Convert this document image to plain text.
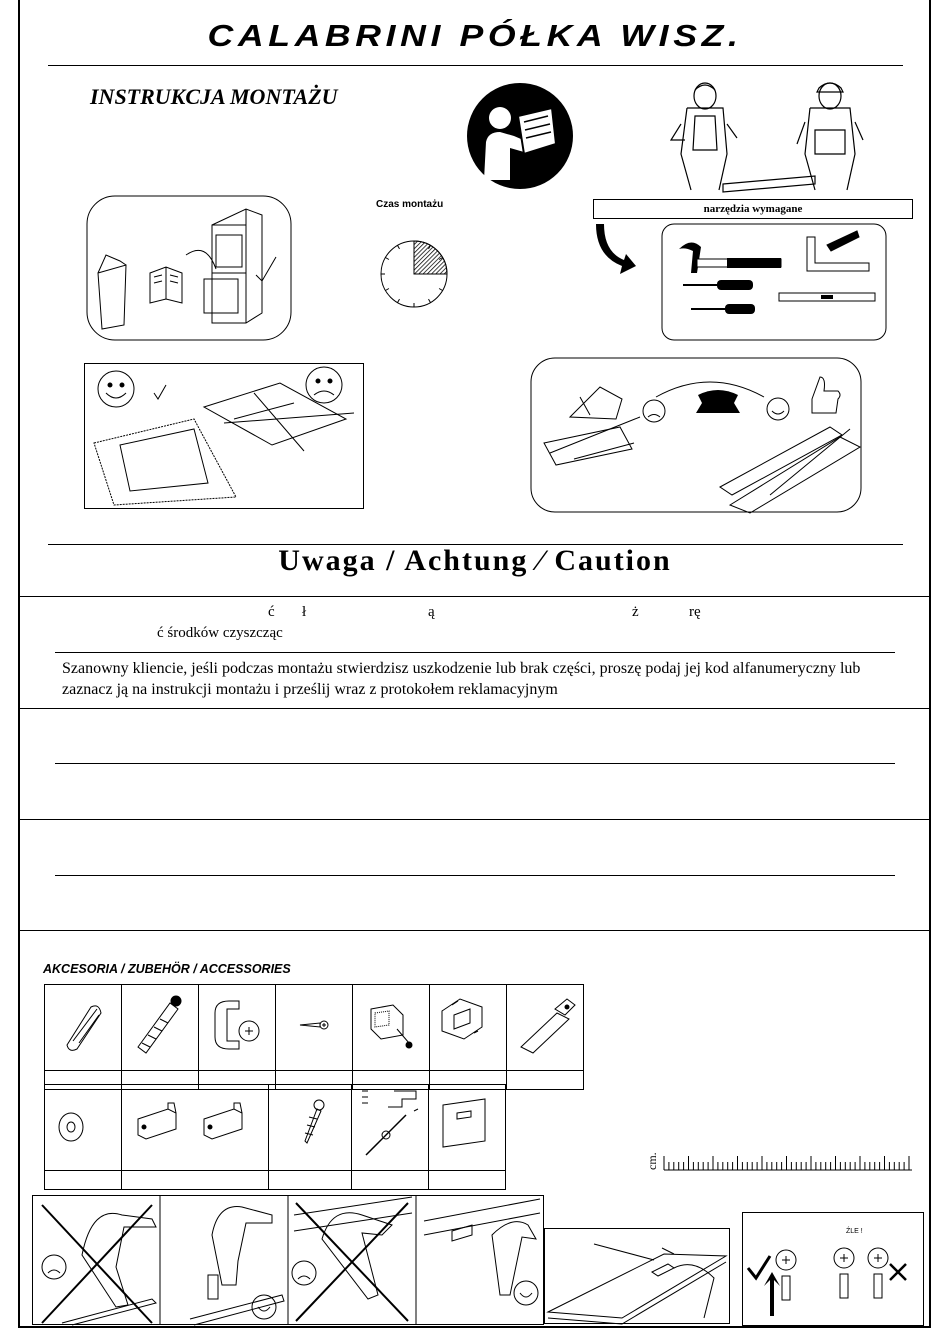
CALABRINI PÓŁKA WISZ.
INSTRUKCJA MONTAŻU
Czas montażu	narzędzia wymagane
Uwaga / Achtung ⁄ Caution
ć ł	ą	ż	rę
ć środków czyszcząc
Szanowny kliencie, jeśli podczas montażu stwierdzisz uszkodzenie lub brak części, proszę podaj jej kod alfanumeryczny lub zaznacz ją na instrukcji montażu i prześlij wraz z protokołem reklamacyjnym
AKCESORIA / ZUBEHÖR / ACCESSORIES

cm.
ŹLE !
